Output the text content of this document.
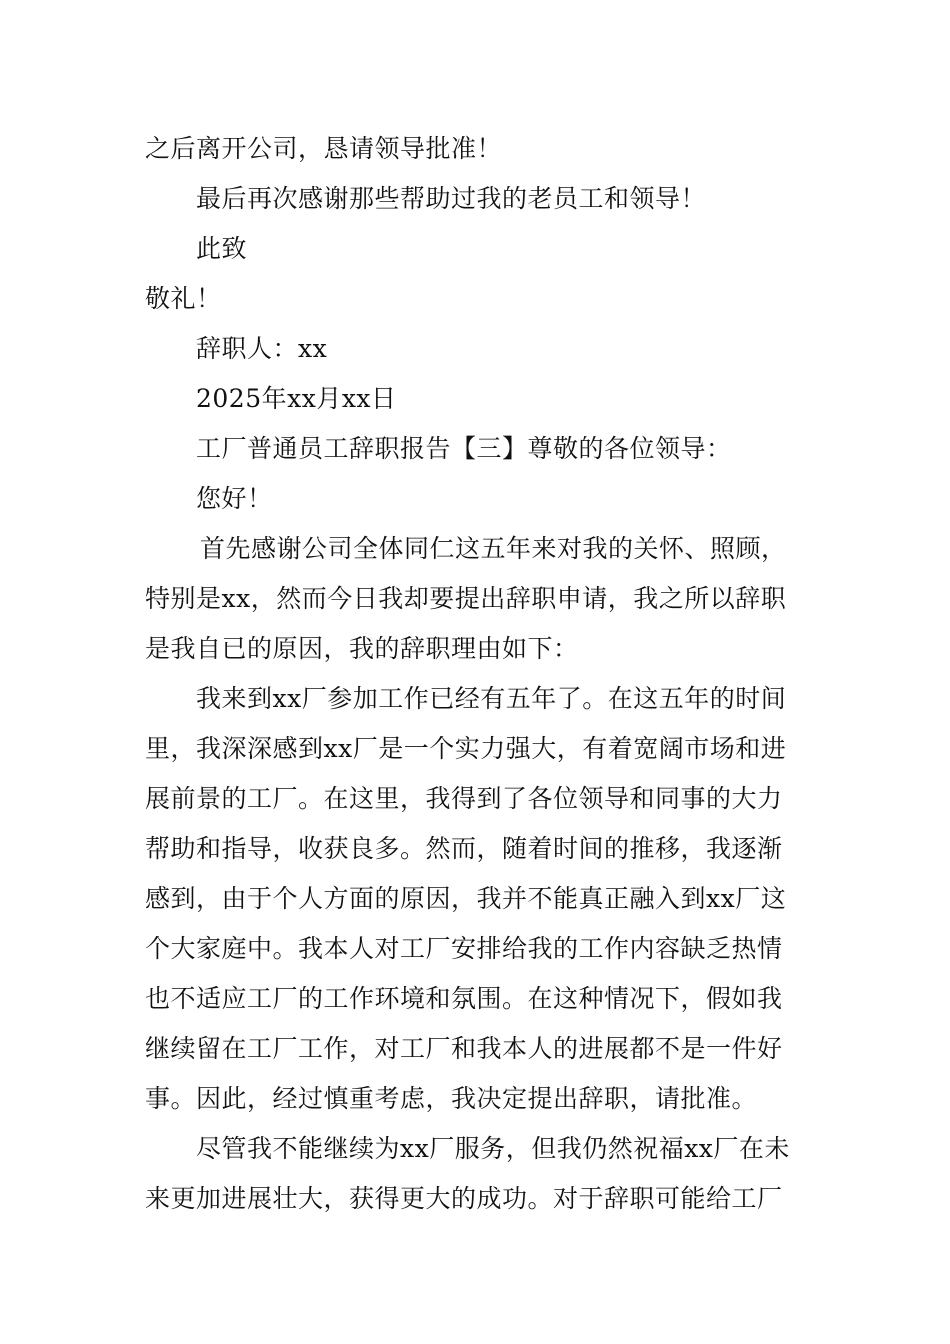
之后离开公司，恳请领导批准！
最后再次感谢那些帮助过我的老员工和领导！
此致
敬礼！
辞职人：xx
2025年xx月xx日
工厂普通员工辞职报告【三】尊敬的各位领导：
您好！
首先感谢公司全体同仁这五年来对我的关怀、照顾，
特别是xx，然而今日我却要提出辞职申请，我之所以辞职
是我自已的原因，我的辞职理由如下：
我来到xx厂参加工作已经有五年了。在这五年的时间
里，我深深感到xx厂是一个实力强大，有着宽阔市场和进
展前景的工厂。在这里，我得到了各位领导和同事的大力
帮助和指导，收获良多。然而，随着时间的推移，我逐渐
感到，由于个人方面的原因，我并不能真正融入到xx厂这
个大家庭中。我本人对工厂安排给我的工作内容缺乏热情
也不适应工厂的工作环境和氛围。在这种情况下，假如我
继续留在工厂工作，对工厂和我本人的进展都不是一件好
事。因此，经过慎重考虑，我决定提出辞职，请批准。
尽管我不能继续为xx厂服务，但我仍然祝福xx厂在未
来更加进展壮大，获得更大的成功。对于辞职可能给工厂
